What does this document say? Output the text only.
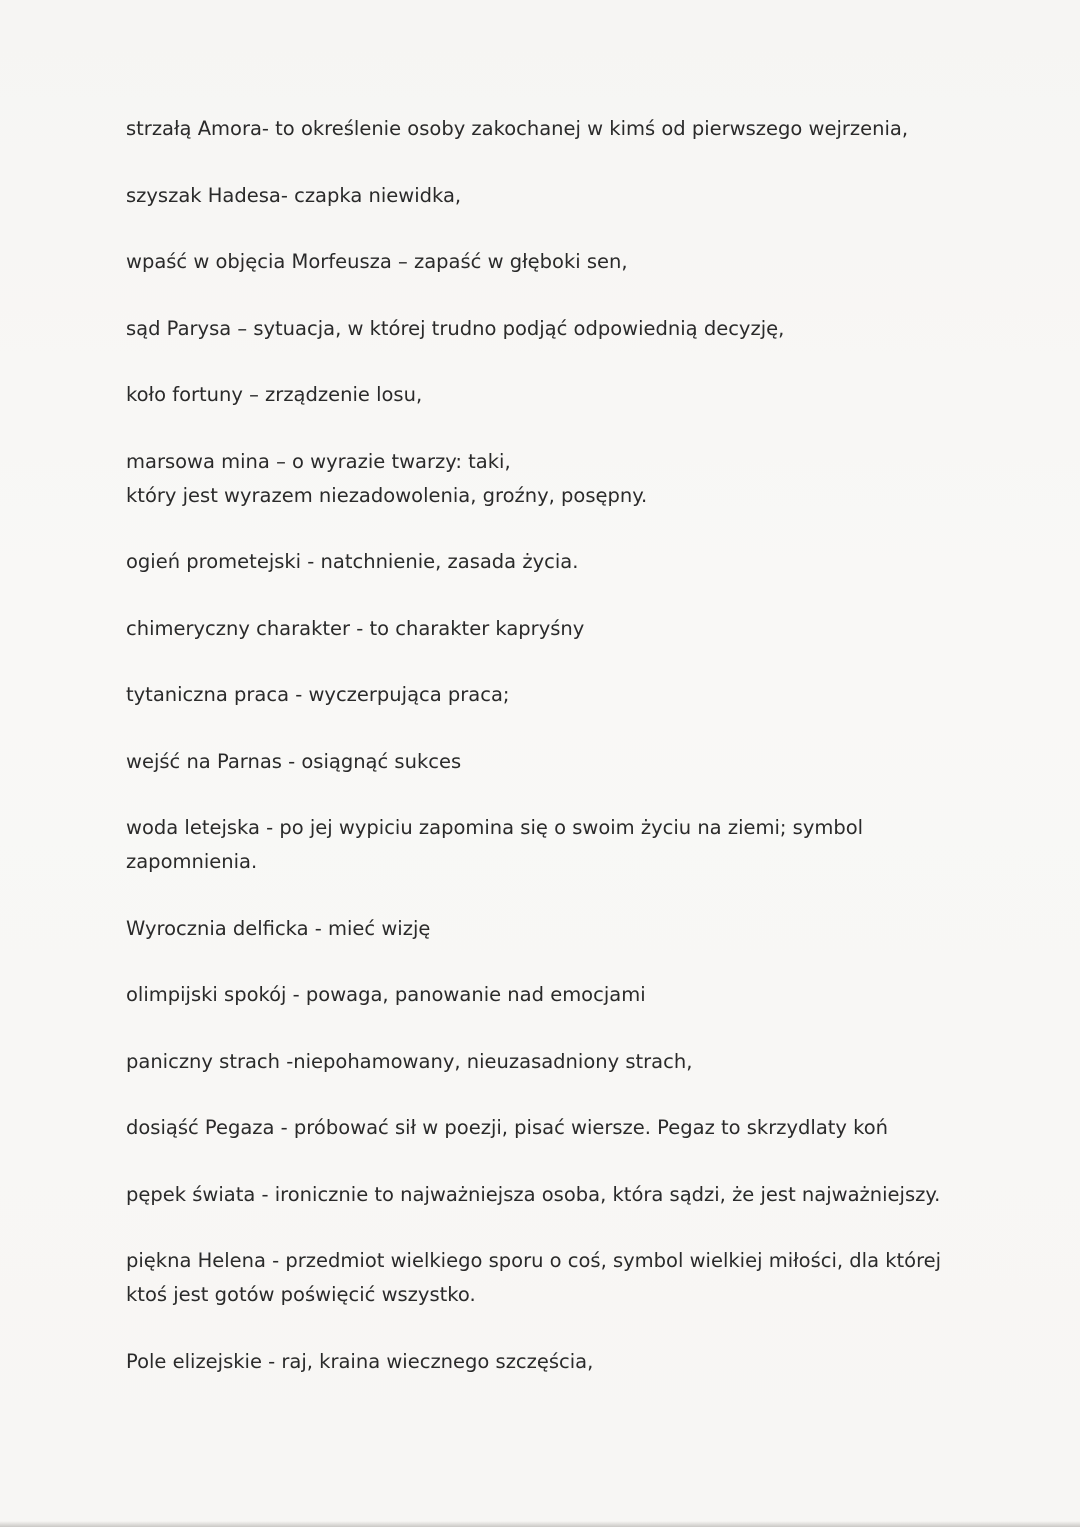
strzałą Amora- to określenie osoby zakochanej w kimś od pierwszego wejrzenia,
szyszak Hadesa- czapka niewidka,
wpaść w objęcia Morfeusza – zapaść w głęboki sen,
sąd Parysa – sytuacja, w której trudno podjąć odpowiednią decyzję,
koło fortuny – zrządzenie losu,
marsowa mina – o wyrazie twarzy: taki,
który jest wyrazem niezadowolenia, groźny, posępny.
ogień prometejski - natchnienie, zasada życia.
chimeryczny charakter - to charakter kapryśny
tytaniczna praca - wyczerpująca praca;
wejść na Parnas - osiągnąć sukces
woda letejska - po jej wypiciu zapomina się o swoim życiu na ziemi; symbol
zapomnienia.
Wyrocznia delficka - mieć wizję
olimpijski spokój - powaga, panowanie nad emocjami
paniczny strach -niepohamowany, nieuzasadniony strach,
dosiąść Pegaza - próbować sił w poezji, pisać wiersze. Pegaz to skrzydlaty koń
pępek świata - ironicznie to najważniejsza osoba, która sądzi, że jest najważniejszy.
piękna Helena - przedmiot wielkiego sporu o coś, symbol wielkiej miłości, dla której
ktoś jest gotów poświęcić wszystko.
Pole elizejskie - raj, kraina wiecznego szczęścia,
